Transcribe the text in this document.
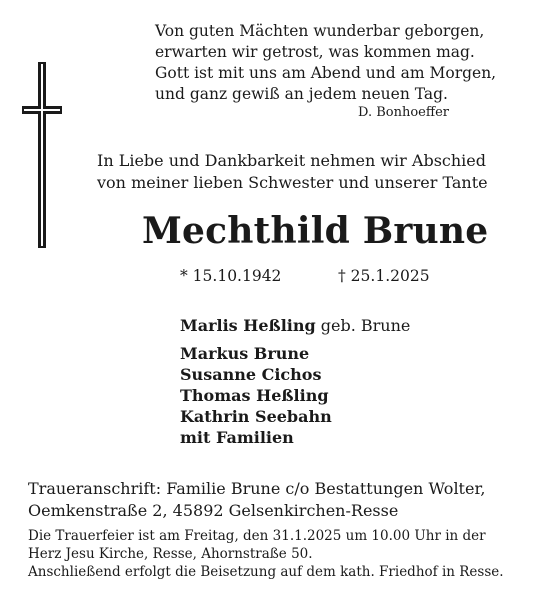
Von guten Mächten wunderbar geborgen,
erwarten wir getrost, was kommen mag.
Gott ist mit uns am Abend und am Morgen,
und ganz gewiß an jedem neuen Tag.
D. Bonhoeffer
In Liebe und Dankbarkeit nehmen wir Abschied
von meiner lieben Schwester und unserer Tante
Mechthild Brune
* 15.10.1942	† 25.1.2025
Marlis Heßling geb. Brune
Markus Brune
Susanne Cichos
Thomas Heßling
Kathrin Seebahn
mit Familien
Traueranschrift: Familie Brune c/o Bestattungen Wolter,
Oemkenstraße 2, 45892 Gelsenkirchen-Resse
Die Trauerfeier ist am Freitag, den 31.1.2025 um 10.00 Uhr in der
Herz Jesu Kirche, Resse, Ahornstraße 50.
Anschließend erfolgt die Beisetzung auf dem kath. Friedhof in Resse.
